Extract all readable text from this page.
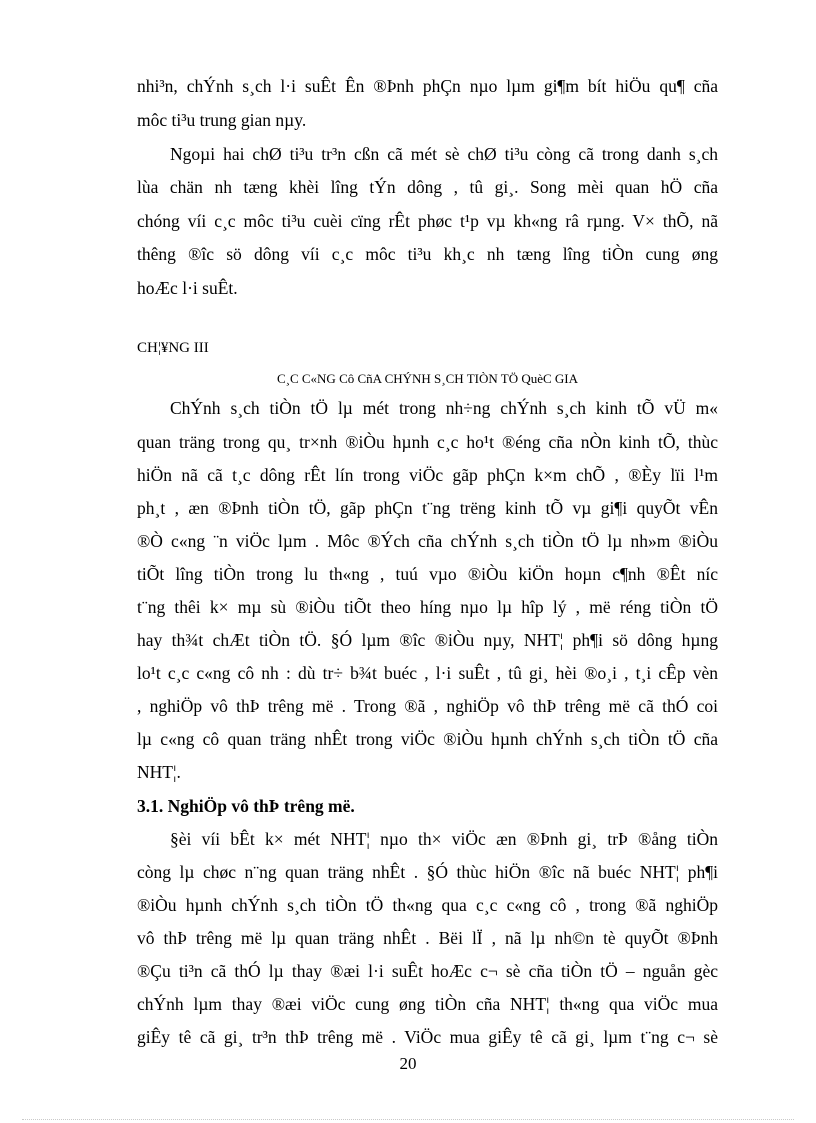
nhi³n, chÝnh s¸ch l·i suÊt Ên ®Þnh phÇn nµo lµm gi¶m bít hiÖu qu¶ cña
môc ti³u trung gian nµy.
Ngoµi hai chØ ti³u tr³n cßn cã mét sè chØ ti³u còng cã trong danh s¸ch
lùa chän nh tæng khèi lîng tÝn dông , tû gi¸. Song mèi quan hÖ cña
chóng víi c¸c môc ti³u cuèi cïng rÊt phøc t¹p vµ kh«ng râ rµng. V× thÕ, nã
thêng ®îc sö dông víi c¸c môc ti³u kh¸c nh tæng lîng tiÒn cung øng
hoÆc l·i suÊt.
CH¦¥NG III
C¸C C«NG Cô CñA CHÝNH S¸CH TIÒN TÖ QuèC GIA
ChÝnh s¸ch tiÒn tÖ lµ mét trong nh÷ng chÝnh s¸ch kinh tÕ vÜ m«
quan träng trong qu¸ tr×nh ®iÒu hµnh c¸c ho¹t ®éng cña nÒn kinh tÕ, thùc
hiÖn nã cã t¸c dông rÊt lín trong viÖc gãp phÇn k×m chÕ , ®Èy lïi l¹m
ph¸t , æn ®Þnh tiÒn tÖ, gãp phÇn t¨ng trëng kinh tÕ vµ gi¶i quyÕt vÊn
®Ò c«ng ¨n viÖc lµm . Môc ®Ých cña chÝnh s¸ch tiÒn tÖ lµ nh»m ®iÒu
tiÕt lîng tiÒn trong lu th«ng , tuú vµo ®iÒu kiÖn hoµn c¶nh ®Êt níc
t¨ng thêi k× mµ sù ®iÒu tiÕt theo híng nµo lµ hîp lý , më réng tiÒn tÖ
hay th¾t chÆt tiÒn tÖ. §Ó lµm ®îc ®iÒu nµy, NHT¦ ph¶i sö dông hµng
lo¹t c¸c c«ng cô nh : dù tr÷ b¾t buéc , l·i suÊt , tû gi¸ hèi ®o¸i , t¸i cÊp vèn
, nghiÖp vô thÞ trêng më . Trong ®ã , nghiÖp vô thÞ trêng më cã thÓ coi
lµ c«ng cô quan träng nhÊt trong viÖc ®iÒu hµnh chÝnh s¸ch tiÒn tÖ cña
NHT¦.
3.1. NghiÖp vô thÞ trêng më.
§èi víi bÊt k× mét NHT¦ nµo th× viÖc æn ®Þnh gi¸ trÞ ®ång tiÒn
còng lµ chøc n¨ng quan träng nhÊt . §Ó thùc hiÖn ®îc nã buéc NHT¦ ph¶i
®iÒu hµnh chÝnh s¸ch tiÒn tÖ th«ng qua c¸c c«ng cô , trong ®ã nghiÖp
vô thÞ trêng më lµ quan träng nhÊt . Bëi lÏ , nã lµ nh©n tè quyÕt ®Þnh
®Çu ti³n cã thÓ lµ thay ®æi l·i suÊt hoÆc c¬ sè cña tiÒn tÖ – nguån gèc
chÝnh lµm thay ®æi viÖc cung øng tiÒn cña NHT¦ th«ng qua viÖc mua
giÊy tê cã gi¸ tr³n thÞ trêng më . ViÖc mua giÊy tê cã gi¸ lµm t¨ng c¬ sè
20
